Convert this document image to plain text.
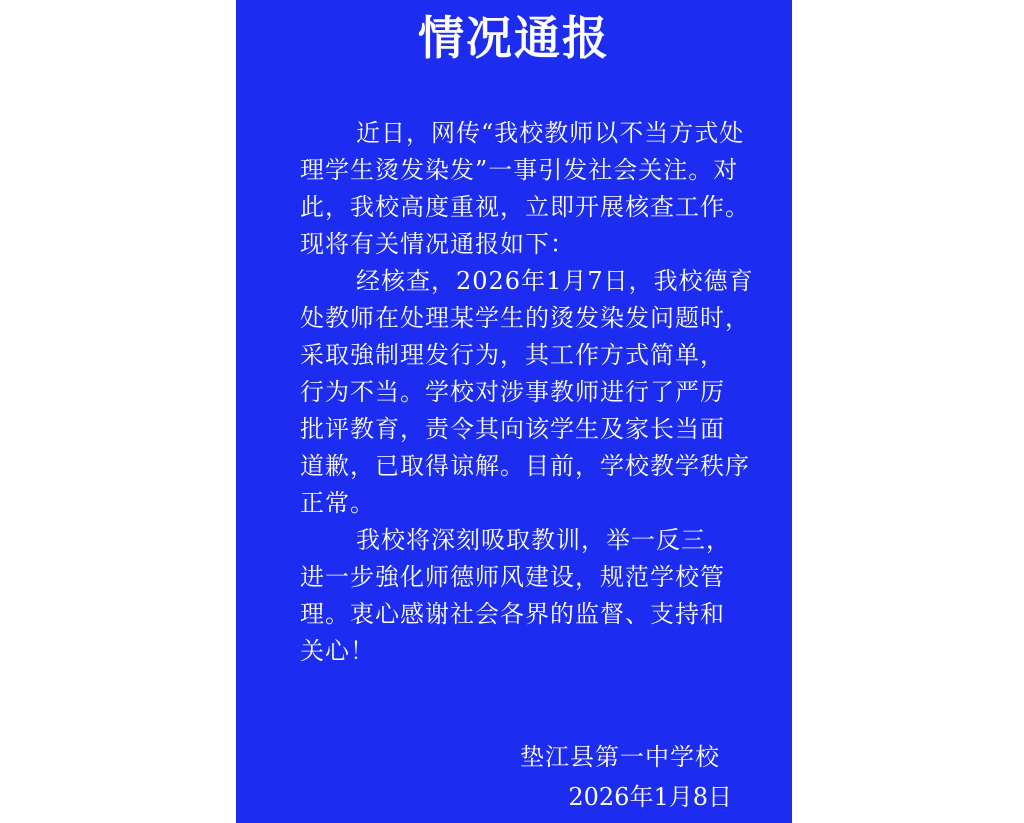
情况通报
近日，网传“我校教师以不当方式处
理学生烫发染发”一事引发社会关注。对
此，我校高度重视，立即开展核查工作。
现将有关情况通报如下：
经核查，2026年1月7日，我校德育
处教师在处理某学生的烫发染发问题时，
采取強制理发行为，其工作方式简单，
行为不当。学校对涉事教师进行了严厉
批评教育，责令其向该学生及家长当面
道歉，已取得谅解。目前，学校教学秩序
正常。
我校将深刻吸取教训，举一反三，
进一步強化师德师风建设，规范学校管
理。衷心感谢社会各界的监督、支持和
关心！
垫江县第一中学校
2026年1月8日
